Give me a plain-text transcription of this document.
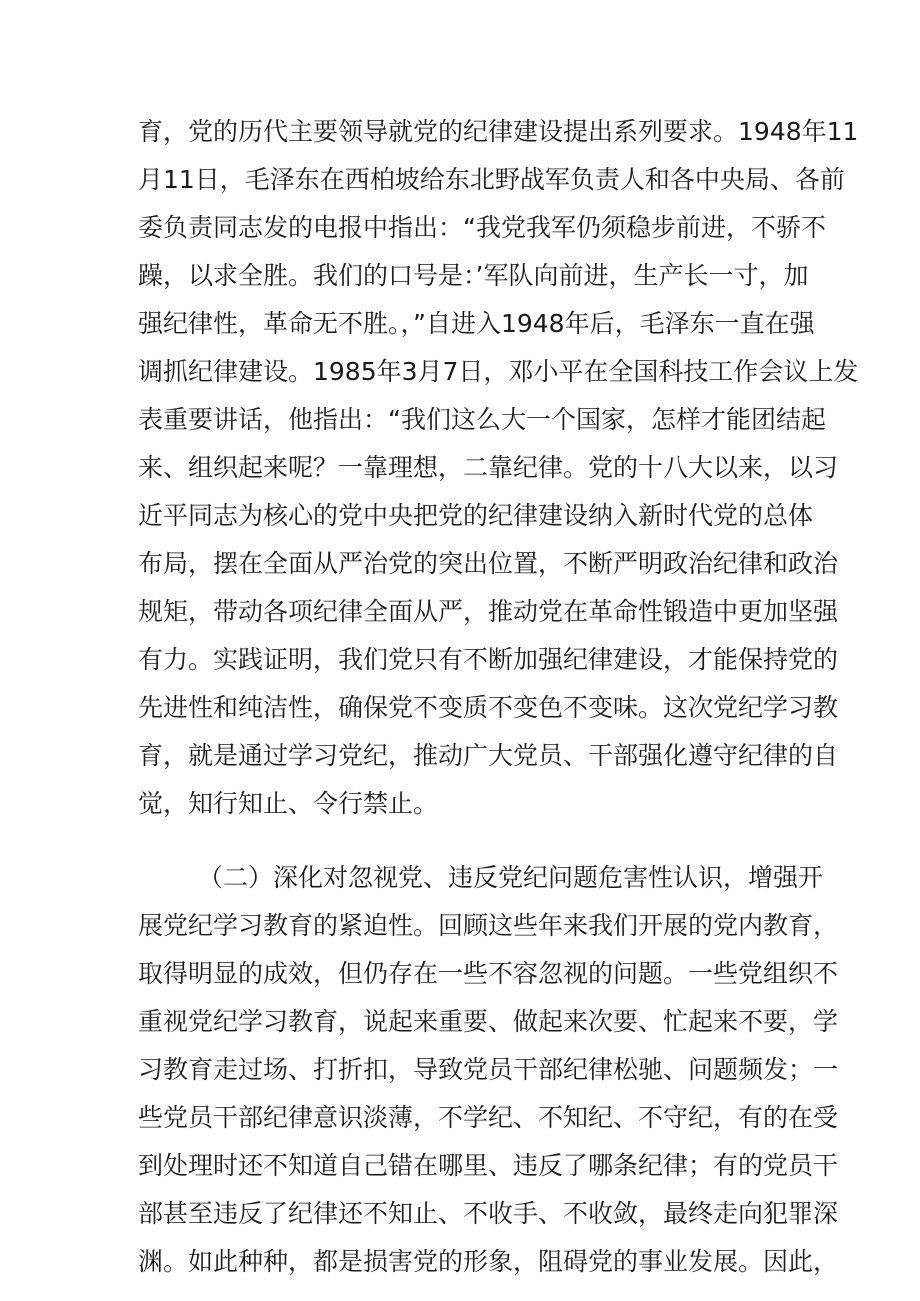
育，党的历代主要领导就党的纪律建设提出系列要求。1948年11
月11日，毛泽东在西柏坡给东北野战军负责人和各中央局、各前
委负责同志发的电报中指出：“我党我军仍须稳步前进，不骄不
躁，以求全胜。我们的口号是：’军队向前进，生产长一寸，加
强纪律性，革命无不胜。，”自进入1948年后，毛泽东一直在强
调抓纪律建设。1985年3月7日，邓小平在全国科技工作会议上发
表重要讲话，他指出：“我们这么大一个国家，怎样才能团结起
来、组织起来呢？一靠理想，二靠纪律。党的十八大以来，以习
近平同志为核心的党中央把党的纪律建设纳入新时代党的总体
布局，摆在全面从严治党的突出位置，不断严明政治纪律和政治
规矩，带动各项纪律全面从严，推动党在革命性锻造中更加坚强
有力。实践证明，我们党只有不断加强纪律建设，才能保持党的
先进性和纯洁性，确保党不变质不变色不变味。这次党纪学习教
育，就是通过学习党纪，推动广大党员、干部强化遵守纪律的自
觉，知行知止、令行禁止。
（二）深化对忽视党、违反党纪问题危害性认识，增强开
展党纪学习教育的紧迫性。回顾这些年来我们开展的党内教育，
取得明显的成效，但仍存在一些不容忽视的问题。一些党组织不
重视党纪学习教育，说起来重要、做起来次要、忙起来不要，学
习教育走过场、打折扣，导致党员干部纪律松驰、问题频发；一
些党员干部纪律意识淡薄，不学纪、不知纪、不守纪，有的在受
到处理时还不知道自己错在哪里、违反了哪条纪律；有的党员干
部甚至违反了纪律还不知止、不收手、不收敛，最终走向犯罪深
渊。如此种种，都是损害党的形象，阻碍党的事业发展。因此，
